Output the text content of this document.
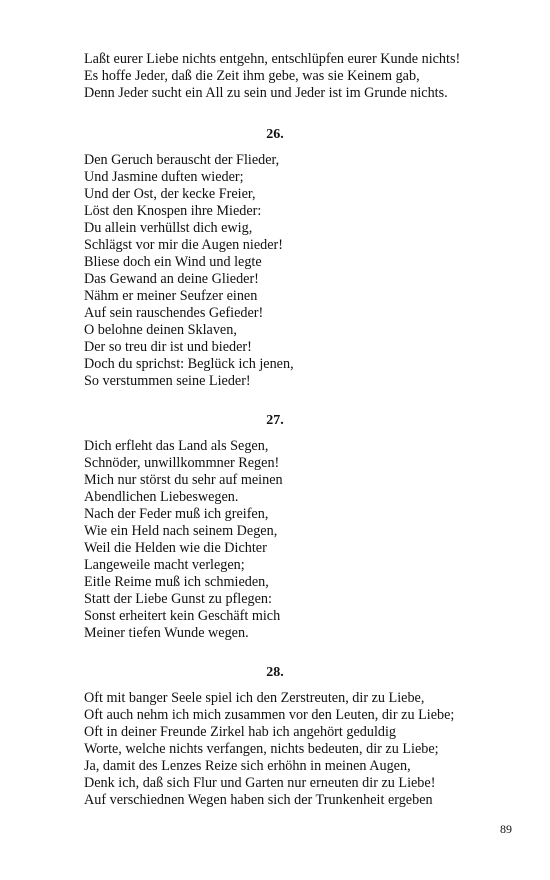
Laßt eurer Liebe nichts entgehn, entschlüpfen eurer Kunde nichts!
Es hoffe Jeder, daß die Zeit ihm gebe, was sie Keinem gab,
Denn Jeder sucht ein All zu sein und Jeder ist im Grunde nichts.
26.
Den Geruch berauscht der Flieder,
Und Jasmine duften wieder;
Und der Ost, der kecke Freier,
Löst den Knospen ihre Mieder:
Du allein verhüllst dich ewig,
Schlägst vor mir die Augen nieder!
Bliese doch ein Wind und legte
Das Gewand an deine Glieder!
Nähm er meiner Seufzer einen
Auf sein rauschendes Gefieder!
O belohne deinen Sklaven,
Der so treu dir ist und bieder!
Doch du sprichst: Beglück ich jenen,
So verstummen seine Lieder!
27.
Dich erfleht das Land als Segen,
Schnöder, unwillkommner Regen!
Mich nur störst du sehr auf meinen
Abendlichen Liebeswegen.
Nach der Feder muß ich greifen,
Wie ein Held nach seinem Degen,
Weil die Helden wie die Dichter
Langeweile macht verlegen;
Eitle Reime muß ich schmieden,
Statt der Liebe Gunst zu pflegen:
Sonst erheitert kein Geschäft mich
Meiner tiefen Wunde wegen.
28.
Oft mit banger Seele spiel ich den Zerstreuten, dir zu Liebe,
Oft auch nehm ich mich zusammen vor den Leuten, dir zu Liebe;
Oft in deiner Freunde Zirkel hab ich angehört geduldig
Worte, welche nichts verfangen, nichts bedeuten, dir zu Liebe;
Ja, damit des Lenzes Reize sich erhöhn in meinen Augen,
Denk ich, daß sich Flur und Garten nur erneuten dir zu Liebe!
Auf verschiednen Wegen haben sich der Trunkenheit ergeben
89
